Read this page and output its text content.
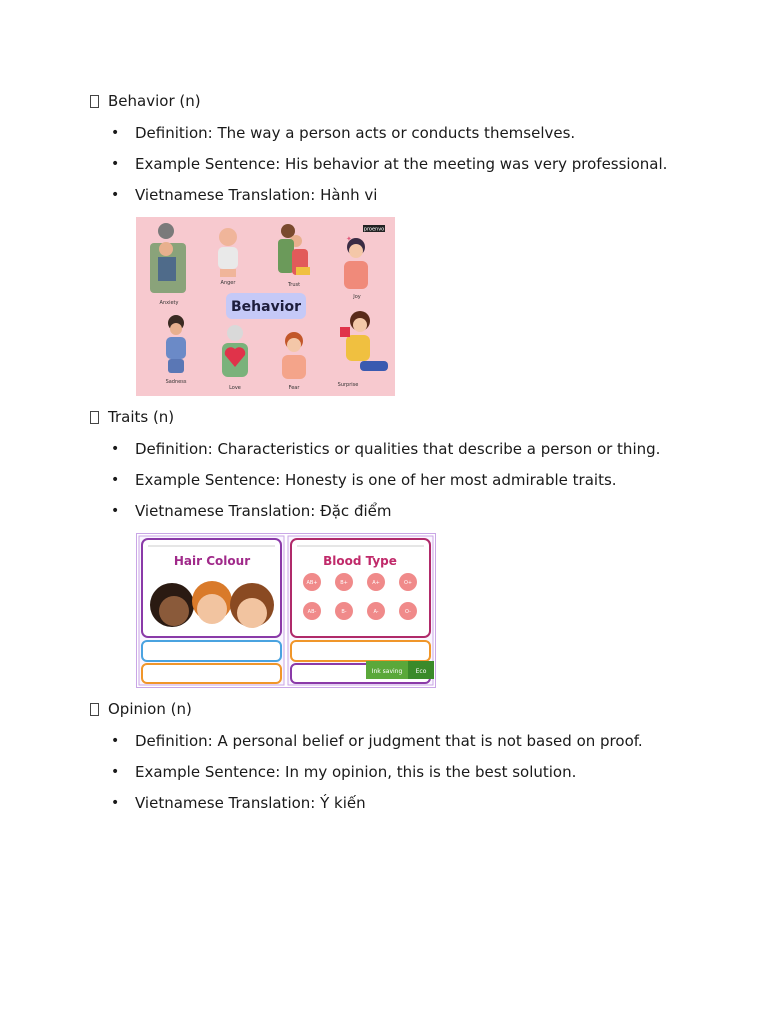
Behavior (n)
• Definition: The way a person acts or conducts themselves.
• Example Sentence: His behavior at the meeting was very professional.
• Vietnamese Translation: Hành vi
proenvo
Behavior
Anxiety
Anger	Trust
✦
Joy
Sadness
Love	Fear	Surprise
Traits (n)
• Definition: Characteristics or qualities that describe a person or thing.
• Example Sentence: Honesty is one of her most admirable traits.
• Vietnamese Translation: Đặc điểm
Hair Colour	Blood Type
AB+	B+	A+	O+
AB-	B-	A-	O-
Ink saving Eco
Opinion (n)
• Definition: A personal belief or judgment that is not based on proof.
• Example Sentence: In my opinion, this is the best solution.
• Vietnamese Translation: Ý kiến
